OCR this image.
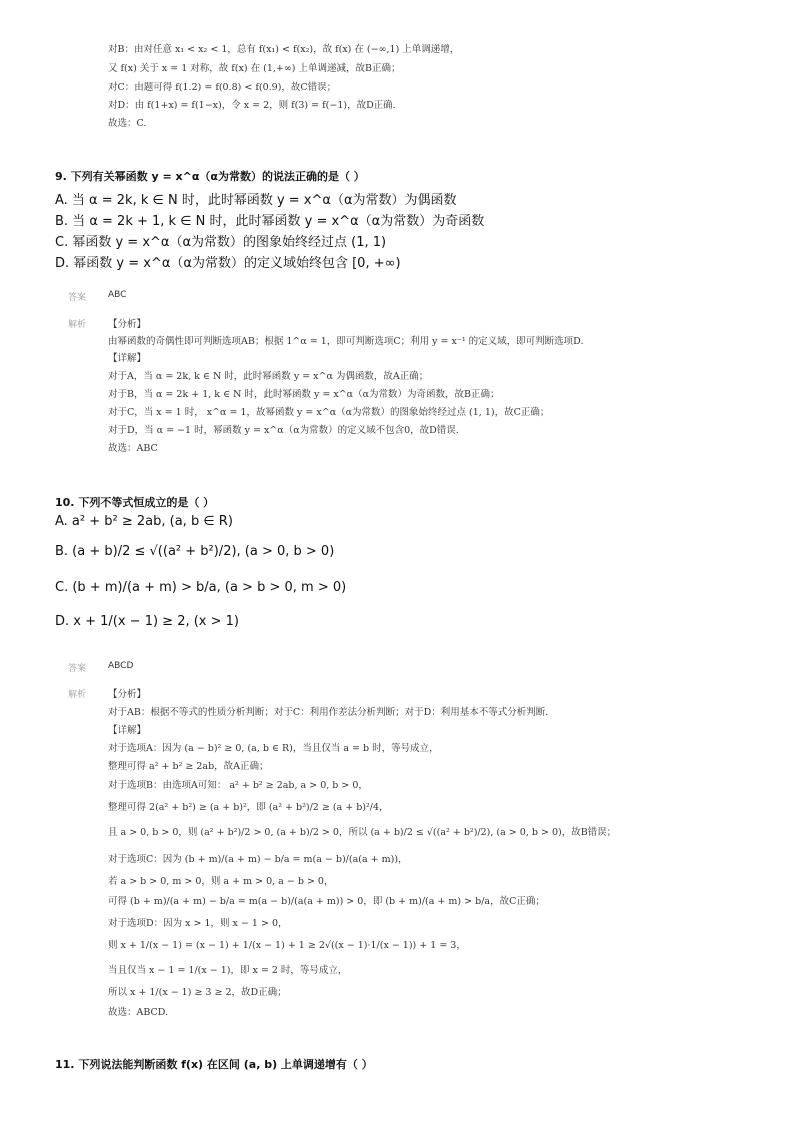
对B：由对任意 x₁ < x₂ < 1，总有 f(x₁) < f(x₂)，故 f(x) 在 (−∞,1) 上单调递增，
又 f(x) 关于 x = 1 对称，故 f(x) 在 (1,+∞) 上单调递减，故B正确；
对C：由题可得 f(1.2) = f(0.8) < f(0.9)，故C错误；
对D：由 f(1+x) = f(1−x)，令 x = 2，则 f(3) = f(−1)，故D正确.
故选：C.
9. 下列有关幂函数 y = x^α（α为常数）的说法正确的是（ ）
A. 当 α = 2k, k ∈ N 时，此时幂函数 y = x^α（α为常数）为偶函数
B. 当 α = 2k + 1, k ∈ N 时，此时幂函数 y = x^α（α为常数）为奇函数
C. 幂函数 y = x^α（α为常数）的图象始终经过点 (1, 1)
D. 幂函数 y = x^α（α为常数）的定义域始终包含 [0, +∞)
答案 ABC
解析 【分析】
由幂函数的奇偶性即可判断选项AB；根据 1^α = 1，即可判断选项C；利用 y = x⁻¹ 的定义域，即可判断选项D.
【详解】
对于A，当 α = 2k, k ∈ N 时，此时幂函数 y = x^α 为偶函数，故A正确；
对于B，当 α = 2k + 1, k ∈ N 时，此时幂函数 y = x^α（α为常数）为奇函数，故B正确；
对于C，当 x = 1 时， x^α = 1，故幂函数 y = x^α（α为常数）的图象始终经过点 (1, 1)，故C正确；
对于D，当 α = −1 时，幂函数 y = x^α（α为常数）的定义域不包含0，故D错误.
故选：ABC
10. 下列不等式恒成立的是（ ）
A. a² + b² ≥ 2ab, (a, b ∈ R)
B. (a + b)/2 ≤ √((a² + b²)/2), (a > 0, b > 0)
C. (b + m)/(a + m) > b/a, (a > b > 0, m > 0)
D. x + 1/(x − 1) ≥ 2, (x > 1)
答案 ABCD
解析 【分析】
对于AB：根据不等式的性质分析判断；对于C：利用作差法分析判断；对于D：利用基本不等式分析判断.
【详解】
对于选项A：因为 (a − b)² ≥ 0, (a, b ∈ R)，当且仅当 a = b 时，等号成立，
整理可得 a² + b² ≥ 2ab，故A正确；
对于选项B：由选项A可知： a² + b² ≥ 2ab, a > 0, b > 0，
整理可得 2(a² + b²) ≥ (a + b)²，即 (a² + b²)/2 ≥ (a + b)²/4，
且 a > 0, b > 0，则 (a² + b²)/2 > 0, (a + b)/2 > 0，所以 (a + b)/2 ≤ √((a² + b²)/2), (a > 0, b > 0)，故B错误；
对于选项C：因为 (b + m)/(a + m) − b/a = m(a − b)/(a(a + m))，
若 a > b > 0, m > 0，则 a + m > 0, a − b > 0，
可得 (b + m)/(a + m) − b/a = m(a − b)/(a(a + m)) > 0，即 (b + m)/(a + m) > b/a，故C正确；
对于选项D：因为 x > 1，则 x − 1 > 0，
则 x + 1/(x − 1) = (x − 1) + 1/(x − 1) + 1 ≥ 2√((x − 1)·1/(x − 1)) + 1 = 3，
当且仅当 x − 1 = 1/(x − 1)，即 x = 2 时，等号成立，
所以 x + 1/(x − 1) ≥ 3 ≥ 2，故D正确；
故选：ABCD.
11. 下列说法能判断函数 f(x) 在区间 (a, b) 上单调递增有（ ）
